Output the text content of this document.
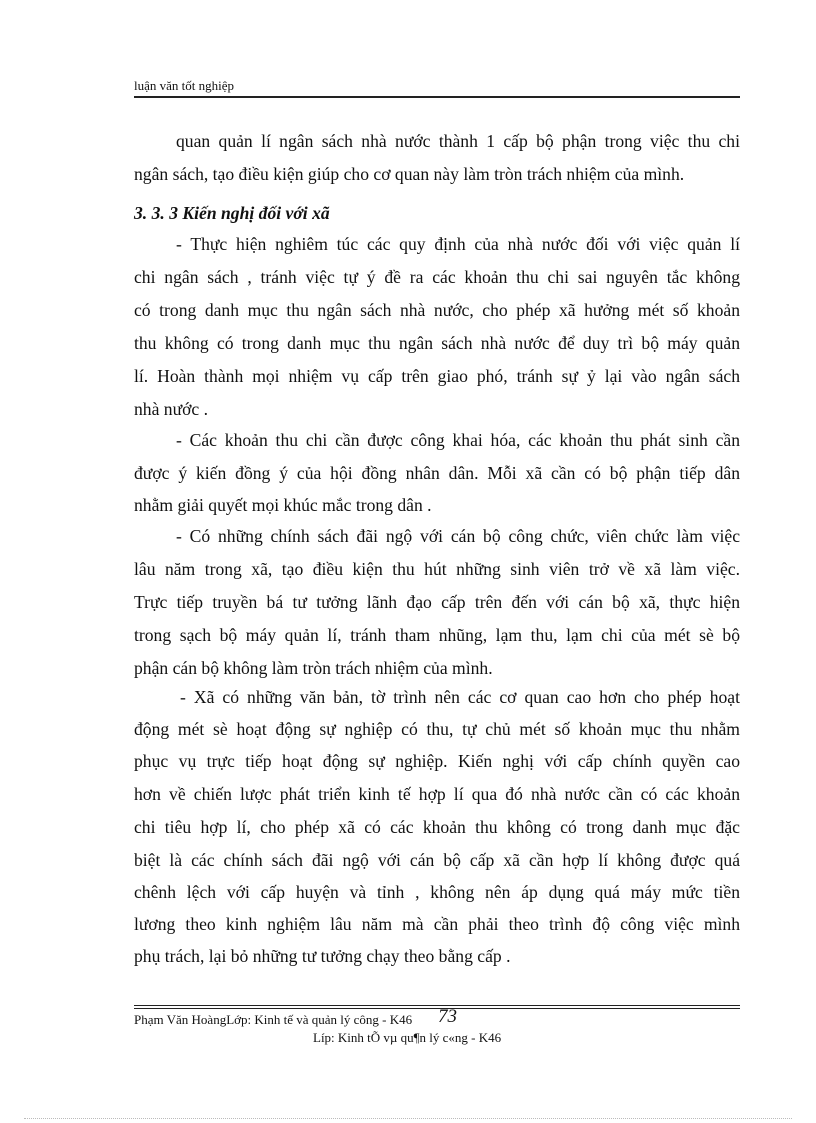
luận văn tốt nghiệp
quan quản lí ngân sách nhà nước thành 1 cấp bộ phận trong việc thu chi
ngân sách, tạo điều kiện giúp cho cơ quan này làm tròn trách nhiệm của mình.
- Thực hiện nghiêm túc các quy định của nhà nước đối với việc quản lí
chi ngân sách , tránh việc tự ý đề ra các khoản thu chi sai nguyên tắc không
có trong danh mục thu ngân sách nhà nước, cho phép xã hưởng mét số khoản
thu không có trong danh mục thu ngân sách nhà nước để duy trì bộ máy quản
lí. Hoàn thành mọi nhiệm vụ cấp trên giao phó, tránh sự ỷ lại vào ngân sách
nhà nước .
- Các khoản thu chi cần được công khai hóa, các khoản thu phát sinh cần
được ý kiến đồng ý của hội đồng nhân dân. Mỗi xã cần có bộ phận tiếp dân
nhằm giải quyết mọi khúc mắc trong dân .
- Có những chính sách đãi ngộ với cán bộ công chức, viên chức làm việc
lâu năm trong xã, tạo điều kiện thu hút những sinh viên trở về xã làm việc.
Trực tiếp truyền bá tư tưởng lãnh đạo cấp trên đến với cán bộ xã, thực hiện
trong sạch bộ máy quản lí, tránh tham nhũng, lạm thu, lạm chi của mét sè bộ
phận cán bộ không làm tròn trách nhiệm của mình.
- Xã có những văn bản, tờ trình nên các cơ quan cao hơn cho phép hoạt
động mét sè hoạt động sự nghiệp có thu, tự chủ mét số khoản mục thu nhằm
phục vụ trực tiếp hoạt động sự nghiệp. Kiến nghị với cấp chính quyền cao
hơn về chiến lược phát triển kinh tế hợp lí qua đó nhà nước cần có các khoản
chi tiêu hợp lí, cho phép xã có các khoản thu không có trong danh mục đặc
biệt là các chính sách đãi ngộ với cán bộ cấp xã cần hợp lí không được quá
chênh lệch với cấp huyện và tỉnh , không nên áp dụng quá máy mức tiền
lương theo kinh nghiệm lâu năm mà cần phải theo trình độ công việc mình
phụ trách, lại bỏ những tư tưởng chạy theo bằng cấp .
3. 3. 3 Kiến nghị đối với xã
Phạm Văn HoàngLớp: Kinh tế và quản lý công - K46 73
Líp: Kinh tÕ vµ qu¶n lý c«ng - K46
